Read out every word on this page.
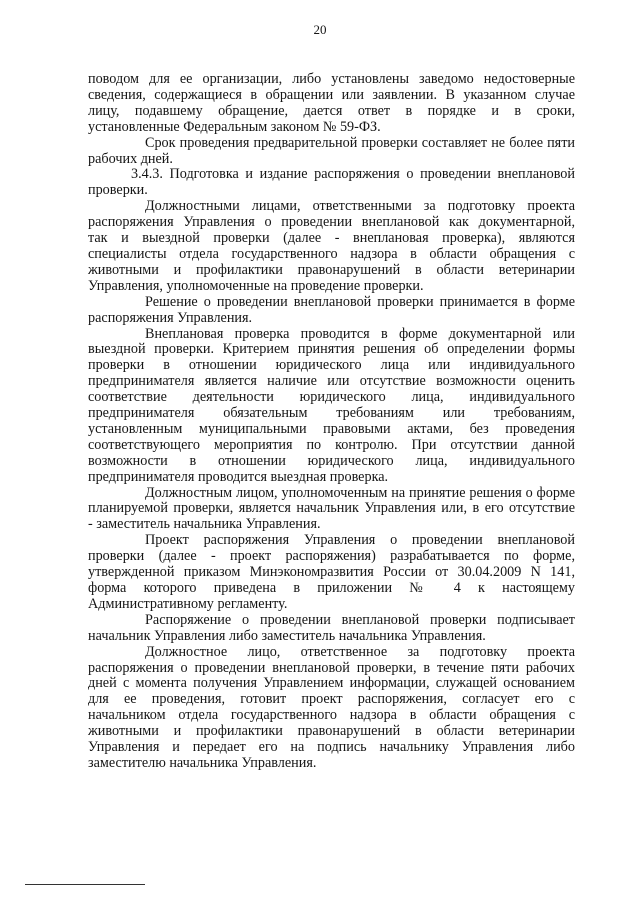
20

поводом для ее организации, либо установлены заведомо недостоверные
сведения, содержащиеся в обращении или заявлении. В указанном случае
лицу, подавшему обращение, дается ответ в порядке и в сроки,
установленные Федеральным законом № 59-ФЗ.

Срок проведения предварительной проверки составляет не более пяти
рабочих дней.

3.4.3. Подготовка и издание распоряжения о проведении внеплановой
проверки.

Должностными лицами, ответственными за подготовку проекта
распоряжения Управления о проведении внеплановой как документарной,
так и выездной проверки (далее - внеплановая проверка), являются
специалисты отдела государственного надзора в области обращения с
животными и профилактики правонарушений в области ветеринарии
Управления, уполномоченные на проведение проверки.

Решение о проведении внеплановой проверки принимается в форме
распоряжения Управления.

Внеплановая проверка проводится в форме документарной или
выездной проверки. Критерием принятия решения об определении формы
проверки в отношении юридического лица или индивидуального
предпринимателя является наличие или отсутствие возможности оценить
соответствие деятельности юридического лица, индивидуального
предпринимателя обязательным требованиям или требованиям,
установленным муниципальными правовыми актами, без проведения
соответствующего мероприятия по контролю. При отсутствии данной
возможности в отношении юридического лица, индивидуального
предпринимателя проводится выездная проверка.

Должностным лицом, уполномоченным на принятие решения о форме
планируемой проверки, является начальник Управления или, в его отсутствие
- заместитель начальника Управления.

Проект распоряжения Управления о проведении внеплановой
проверки (далее - проект распоряжения) разрабатывается по форме,
утвержденной приказом Минэкономразвития России от 30.04.2009 N 141,
форма которого приведена в приложении № 4 к настоящему
Административному регламенту.

Распоряжение о проведении внеплановой проверки подписывает
начальник Управления либо заместитель начальника Управления.

Должностное лицо, ответственное за подготовку проекта
распоряжения о проведении внеплановой проверки, в течение пяти рабочих
дней с момента получения Управлением информации, служащей основанием
для ее проведения, готовит проект распоряжения, согласует его с
начальником отдела государственного надзора в области обращения с
животными и профилактики правонарушений в области ветеринарии
Управления и передает его на подпись начальнику Управления либо
заместителю начальника Управления.
